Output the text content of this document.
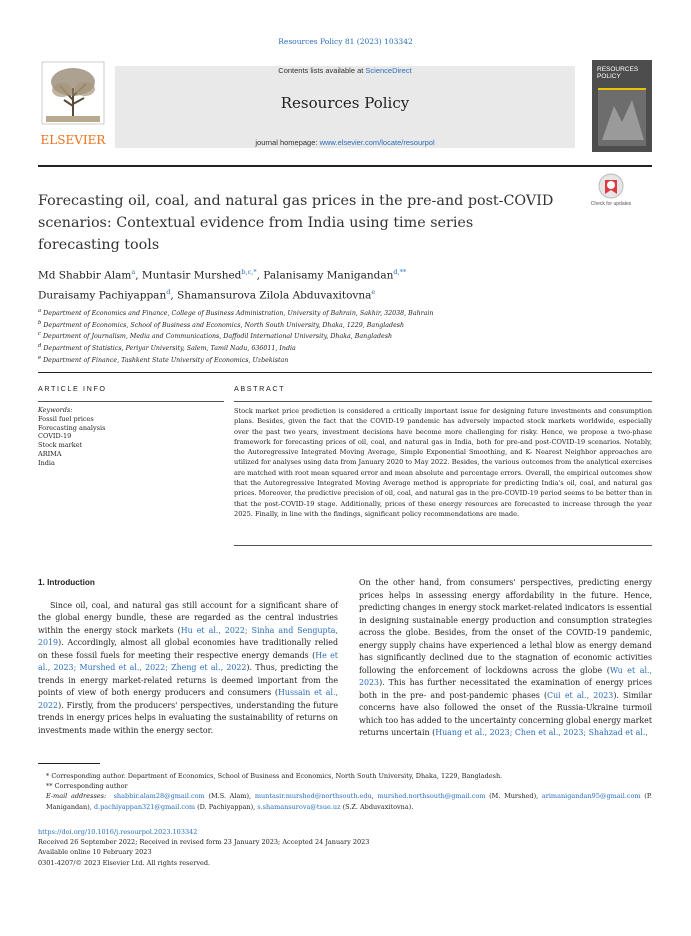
Resources Policy 81 (2023) 103342
ELSEVIER
Contents lists available at ScienceDirect
Resources Policy
journal homepage: www.elsevier.com/locate/resourpol
RESOURCES POLICY
Forecasting oil, coal, and natural gas prices in the pre-and post-COVID scenarios: Contextual evidence from India using time series forecasting tools
Check for updates
Md Shabbir Alam$^a$, Muntasir Murshed$^{b,c,*}$, Palanisamy Manigandan$^{d,**}$
Duraisamy Pachiyappan$^d$, Shamansurova Zilola Abduvaxitovna$^e$
$^a$ Department of Economics and Finance, College of Business Administration, University of Bahrain, Sakhir, 32038, Bahrain
$^b$ Department of Economics, School of Business and Economics, North South University, Dhaka, 1229, Bangladesh
$^c$ Department of Journalism, Media and Communications, Daffodil International University, Dhaka, Bangladesh
$^d$ Department of Statistics, Periyar University, Salem, Tamil Nadu, 636011, India
$^e$ Department of Finance, Tashkent State University of Economics, Uzbekistan
ARTICLE INFO	ABSTRACT
Keywords:
Fossil fuel prices
Forecasting analysis
COVID-19
Stock market
ARIMA
India
Stock market price prediction is considered a critically important issue for designing future investments and consumption plans. Besides, given the fact that the COVID-19 pandemic has adversely impacted stock markets worldwide, especially over the past two years, investment decisions have become more challenging for risky. Hence, we propose a two-phase framework for forecasting prices of oil, coal, and natural gas in India, both for pre-and post-COVID-19 scenarios. Notably, the Autoregressive Integrated Moving Average, Simple Exponential Smoothing, and K- Nearest Neighbor approaches are utilized for analyses using data from January 2020 to May 2022. Besides, the various outcomes from the analytical exercises are matched with root mean squared error and mean absolute and percentage errors. Overall, the empirical outcomes show that the Autoregressive Integrated Moving Average method is appropriate for predicting India's oil, coal, and natural gas prices. Moreover, the predictive precision of oil, coal, and natural gas in the pre-COVID-19 period seems to be better than in that the post-COVID-19 stage. Additionally, prices of these energy resources are forecasted to increase through the year 2025. Finally, in line with the findings, significant policy recommendations are made.
1. Introduction
Since oil, coal, and natural gas still account for a significant share of the global energy bundle, these are regarded as the central industries within the energy stock markets (Hu et al., 2022; Sinha and Sengupta, 2019). Accordingly, almost all global economies have traditionally relied on these fossil fuels for meeting their respective energy demands (He et al., 2023; Murshed et al., 2022; Zheng et al., 2022). Thus, predicting the trends in energy market-related returns is deemed important from the points of view of both energy producers and consumers (Hussain et al., 2022). Firstly, from the producers' perspectives, understanding the future trends in energy prices helps in evaluating the sustainability of returns on investments made within the energy sector.
On the other hand, from consumers' perspectives, predicting energy prices helps in assessing energy affordability in the future. Hence, predicting changes in energy stock market-related indicators is essential in designing sustainable energy production and consumption strategies across the globe. Besides, from the onset of the COVID-19 pandemic, energy supply chains have experienced a lethal blow as energy demand has significantly declined due to the stagnation of economic activities following the enforcement of lockdowns across the globe (Wu et al., 2023). This has further necessitated the examination of energy prices both in the pre- and post-pandemic phases (Cui et al., 2023). Similar concerns have also followed the onset of the Russia-Ukraine turmoil which too has added to the uncertainty concerning global energy market returns uncertain (Huang et al., 2023; Chen et al., 2023; Shahzad et al.,
* Corresponding author. Department of Economics, School of Business and Economics, North South University, Dhaka, 1229, Bangladesh.
** Corresponding author
E-mail addresses: shabbir.alam28@gmail.com (M.S. Alam), muntasir.murshed@northsouth.edu, murshed.northsouth@gmail.com (M. Murshed), arimanigandan95@gmail.com (P. Manigandan), d.pachiyappan321@gmail.com (D. Pachiyappan), s.shamansurova@tsue.uz (S.Z. Abduvaxitovna).
https://doi.org/10.1016/j.resourpol.2023.103342
Received 26 September 2022; Received in revised form 23 January 2023; Accepted 24 January 2023
Available online 10 February 2023
0301-4207/© 2023 Elsevier Ltd. All rights reserved.
